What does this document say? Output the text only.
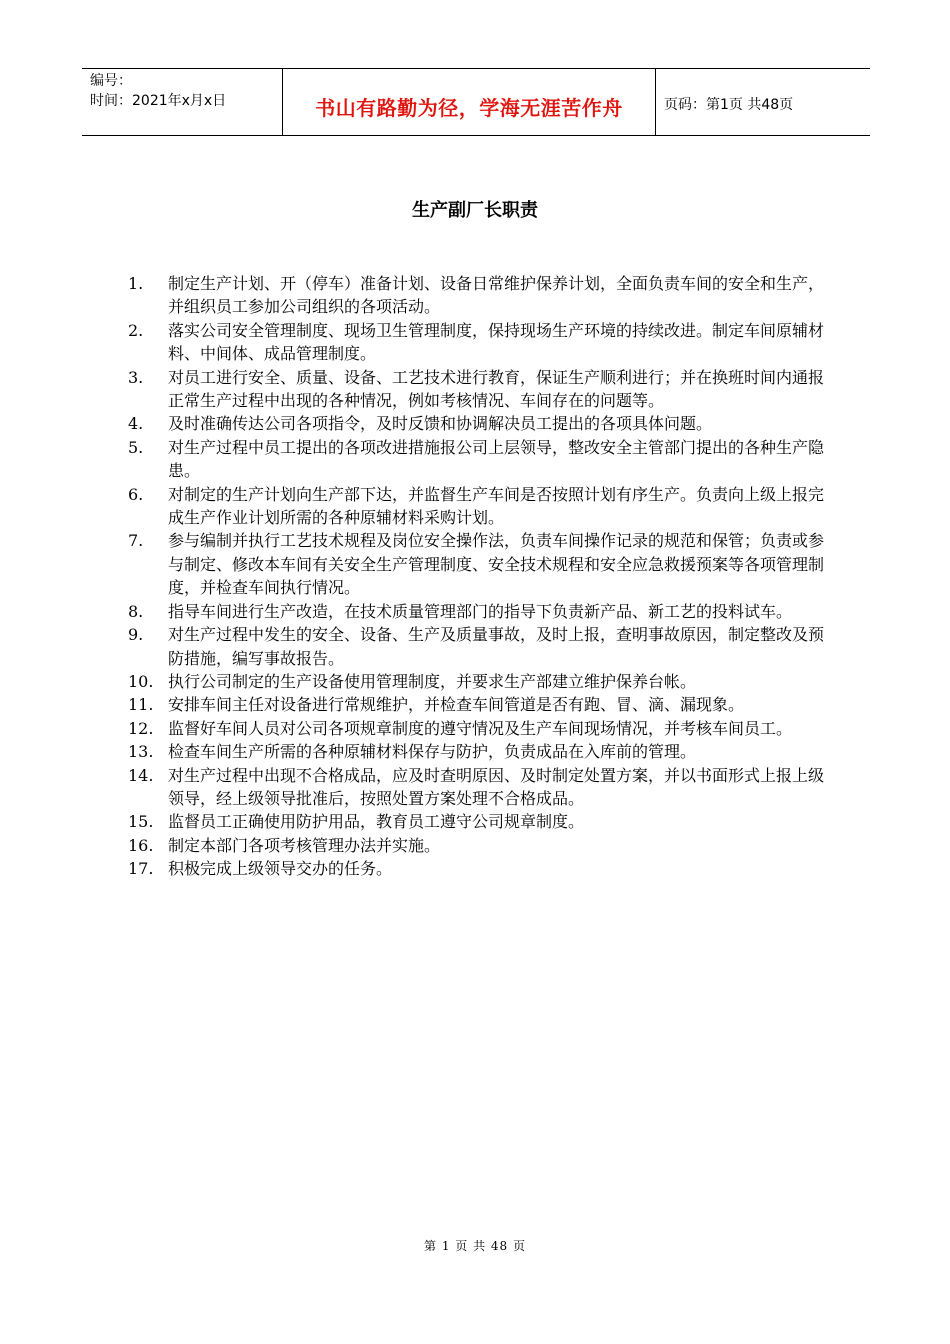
编号：
时间：2021年x月x日	书山有路勤为径，学海无涯苦作舟	页码：第1页 共48页
生产副厂长职责
1.	制定生产计划、开（停车）准备计划、设备日常维护保养计划，全面负责车间的安全和生产，并组织员工参加公司组织的各项活动。
2.	落实公司安全管理制度、现场卫生管理制度，保持现场生产环境的持续改进。制定车间原辅材料、中间体、成品管理制度。
3.	对员工进行安全、质量、设备、工艺技术进行教育，保证生产顺利进行；并在换班时间内通报正常生产过程中出现的各种情况，例如考核情况、车间存在的问题等。
4.	及时准确传达公司各项指令，及时反馈和协调解决员工提出的各项具体问题。
5.	对生产过程中员工提出的各项改进措施报公司上层领导，整改安全主管部门提出的各种生产隐患。
6.	对制定的生产计划向生产部下达，并监督生产车间是否按照计划有序生产。负责向上级上报完成生产作业计划所需的各种原辅材料采购计划。
7.	参与编制并执行工艺技术规程及岗位安全操作法，负责车间操作记录的规范和保管；负责或参与制定、修改本车间有关安全生产管理制度、安全技术规程和安全应急救援预案等各项管理制度，并检查车间执行情况。
8.	指导车间进行生产改造，在技术质量管理部门的指导下负责新产品、新工艺的投料试车。
9.	对生产过程中发生的安全、设备、生产及质量事故，及时上报，查明事故原因，制定整改及预防措施，编写事故报告。
10. 执行公司制定的生产设备使用管理制度，并要求生产部建立维护保养台帐。
11. 安排车间主任对设备进行常规维护，并检查车间管道是否有跑、冒、滴、漏现象。
12. 监督好车间人员对公司各项规章制度的遵守情况及生产车间现场情况，并考核车间员工。
13. 检查车间生产所需的各种原辅材料保存与防护，负责成品在入库前的管理。
14. 对生产过程中出现不合格成品，应及时查明原因、及时制定处置方案，并以书面形式上报上级领导，经上级领导批准后，按照处置方案处理不合格成品。
15. 监督员工正确使用防护用品，教育员工遵守公司规章制度。
16. 制定本部门各项考核管理办法并实施。
17. 积极完成上级领导交办的任务。
第 1 页 共 48 页
